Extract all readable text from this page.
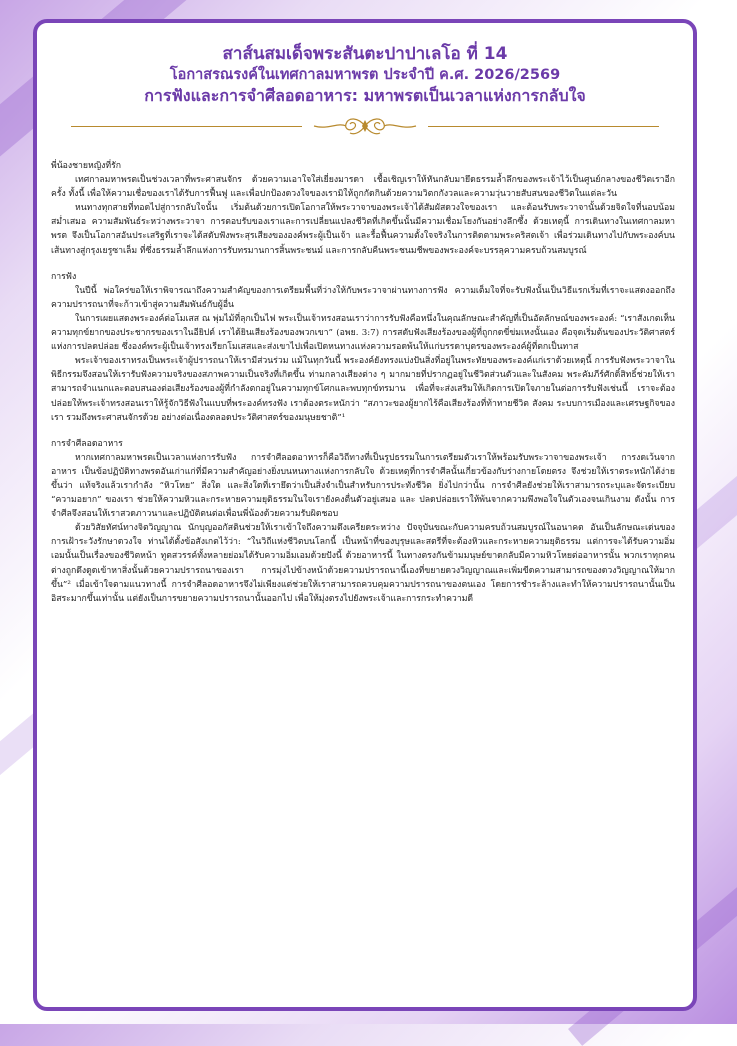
สาส์นสมเด็จพระสันตะปาปาเลโอ ที่ 14
โอกาสรณรงค์ในเทศกาลมหาพรต ประจำปี ค.ศ. 2026/2569
การฟังและการจำศีลอดอาหาร: มหาพรตเป็นเวลาแห่งการกลับใจ

พี่น้องชายหญิงที่รัก

เทศกาลมหาพรตเป็นช่วงเวลาที่พระศาสนจักร ด้วยความเอาใจใส่เยี่ยงมารดา เชื้อเชิญเราให้หันกลับมายึดธรรมล้ำลึกของพระเจ้าไว้เป็นศูนย์กลางของชีวิตเราอีกครั้ง ทั้งนี้ เพื่อให้ความเชื่อของเราได้รับการฟื้นฟู และเพื่อปกป้องดวงใจของเรามิให้ถูกกัดกินด้วยความวิตกกังวลและความวุ่นวายสับสนของชีวิตในแต่ละวัน

หนทางทุกสายที่ทอดไปสู่การกลับใจนั้น เริ่มต้นด้วยการเปิดโอกาสให้พระวาจาของพระเจ้าได้สัมผัสดวงใจของเรา และต้อนรับพระวาจานั้นด้วยจิตใจที่นอบน้อมสม่ำเสมอ ความสัมพันธ์ระหว่างพระวาจา การตอบรับของเราและการเปลี่ยนแปลงชีวิตที่เกิดขึ้นนั้นมีความเชื่อมโยงกันอย่างลึกซึ้ง ด้วยเหตุนี้ การเดินทางในเทศกาลมหาพรต จึงเป็นโอกาสอันประเสริฐที่เราจะได้สดับฟังพระสุรเสียงขององค์พระผู้เป็นเจ้า และรื้อฟื้นความตั้งใจจริงในการติดตามพระคริสตเจ้า เพื่อร่วมเดินทางไปกับพระองค์บนเส้นทางสู่กรุงเยรูซาเล็ม ที่ซึ่งธรรมล้ำลึกแห่งการรับทรมานการสิ้นพระชนม์ และการกลับคืนพระชนมชีพของพระองค์จะบรรลุความครบถ้วนสมบูรณ์

การฟัง

ในปีนี้ พ่อใคร่ขอให้เราพิจารณาถึงความสำคัญของการเตรียมพื้นที่ว่างให้กับพระวาจาผ่านทางการฟัง ความเต็มใจที่จะรับฟังนั้นเป็นวิธีแรกเริ่มที่เราจะแสดงออกถึงความปรารถนาที่จะก้าวเข้าสู่ความสัมพันธ์กับผู้อื่น

ในการเผยแสดงพระองค์ต่อโมเสส ณ พุ่มไม้ที่ลุกเป็นไฟ พระเป็นเจ้าทรงสอนเราว่าการรับฟังคือหนึ่งในคุณลักษณะสำคัญที่เป็นอัตลักษณ์ของพระองค์: “เราสังเกตเห็นความทุกข์ยากของประชากรของเราในอียิปต์ เราได้ยินเสียงร้องของพวกเขา” (อพย. 3:7) การสดับฟังเสียงร้องของผู้ที่ถูกกดขี่ข่มเหงนั้นเอง คือจุดเริ่มต้นของประวัติศาสตร์แห่งการปลดปล่อย ซึ่งองค์พระผู้เป็นเจ้าทรงเรียกโมเสสและส่งเขาไปเพื่อเปิดหนทางแห่งความรอดพ้นให้แก่บรรดาบุตรของพระองค์ผู้ที่ตกเป็นทาส

พระเจ้าของเราทรงเป็นพระเจ้าผู้ปรารถนาให้เรามีส่วนร่วม แม้ในทุกวันนี้ พระองค์ยังทรงแบ่งปันสิ่งที่อยู่ในพระทัยของพระองค์แก่เราด้วยเหตุนี้ การรับฟังพระวาจาในพิธีกรรมจึงสอนให้เรารับฟังความจริงของสภาพความเป็นจริงที่เกิดขึ้น ท่ามกลางเสียงต่าง ๆ มากมายที่ปรากฏอยู่ในชีวิตส่วนตัวและในสังคม พระคัมภีร์ศักดิ์สิทธิ์ช่วยให้เราสามารถจำแนกและตอบสนองต่อเสียงร้องของผู้ที่กำลังตกอยู่ในความทุกข์โศกและพบทุกข์ทรมาน เพื่อที่จะส่งเสริมให้เกิดการเปิดใจภายในต่อการรับฟังเช่นนี้ เราจะต้องปล่อยให้พระเจ้าทรงสอนเราให้รู้จักวิธีฟังในแบบที่พระองค์ทรงฟัง เราต้องตระหนักว่า “สภาวะของผู้ยากไร้คือเสียงร้องที่ท้าทายชีวิต สังคม ระบบการเมืองและเศรษฐกิจของเรา รวมถึงพระศาสนจักรด้วย อย่างต่อเนื่องตลอดประวัติศาสตร์ของมนุษยชาติ”¹

การจำศีลอดอาหาร

หากเทศกาลมหาพรตเป็นเวลาแห่งการรับฟัง การจำศีลอดอาหารก็คือวิถีทางที่เป็นรูปธรรมในการเตรียมตัวเราให้พร้อมรับพระวาจาของพระเจ้า การงดเว้นจากอาหาร เป็นข้อปฏิบัติทางพรตอันเก่าแก่ที่มีความสำคัญอย่างยิ่งบนหนทางแห่งการกลับใจ ด้วยเหตุที่การจำศีลนั้นเกี่ยวข้องกับร่างกายโดยตรง จึงช่วยให้เราตระหนักได้ง่ายขึ้นว่า แท้จริงแล้วเรากำลัง “หิวโหย” สิ่งใด และสิ่งใดที่เรายึดว่าเป็นสิ่งจำเป็นสำหรับการประทังชีวิต ยิ่งไปกว่านั้น การจำศีลยังช่วยให้เราสามารถระบุและจัดระเบียบ “ความอยาก” ของเรา ช่วยให้ความหิวและกระหายความยุติธรรมในใจเรายังคงตื่นตัวอยู่เสมอ และ ปลดปล่อยเราให้พ้นจากความพึงพอใจในตัวเองจนเกินงาม ดังนั้น การจำศีลจึงสอนให้เราสวดภาวนาและปฏิบัติตนต่อเพื่อนพี่น้องด้วยความรับผิดชอบ

ด้วยวิสัยทัศน์ทางจิตวิญญาณ นักบุญออกัสตินช่วยให้เราเข้าใจถึงความตึงเครียดระหว่าง ปัจจุบันขณะกับความครบถ้วนสมบูรณ์ในอนาคต อันเป็นลักษณะเด่นของการเฝ้าระวังรักษาดวงใจ ท่านได้ตั้งข้อสังเกตไว้ว่า: “ในวิถีแห่งชีวิตบนโลกนี้ เป็นหน้าที่ของบุรุษและสตรีที่จะต้องหิวและกระหายความยุติธรรม แต่การจะได้รับความอิ่มเอมนั้นเป็นเรื่องของชีวิตหน้า ทูตสวรรค์ทั้งหลายย่อมได้รับความอิ่มเอมด้วยปังนี้ ด้วยอาหารนี้ ในทางตรงกันข้ามมนุษย์ขาดกลับมีความหิวโหยต่ออาหารนั้น พวกเราทุกคนต่างถูกดึงดูดเข้าหาสิ่งนั้นด้วยความปรารถนาของเรา การมุ่งไปข้างหน้าด้วยความปรารถนานี้เองที่ขยายดวงวิญญาณและเพิ่มขีดความสามารถของดวงวิญญาณให้มากขึ้น”² เมื่อเข้าใจตามแนวทางนี้ การจำศีลอดอาหารจึงไม่เพียงแต่ช่วยให้เราสามารถควบคุมความปรารถนาของตนเอง โดยการชำระล้างและทำให้ความปรารถนานั้นเป็นอิสระมากขึ้นเท่านั้น แต่ยังเป็นการขยายความปรารถนานั้นออกไป เพื่อให้มุ่งตรงไปยังพระเจ้าและการกระทำความดี
